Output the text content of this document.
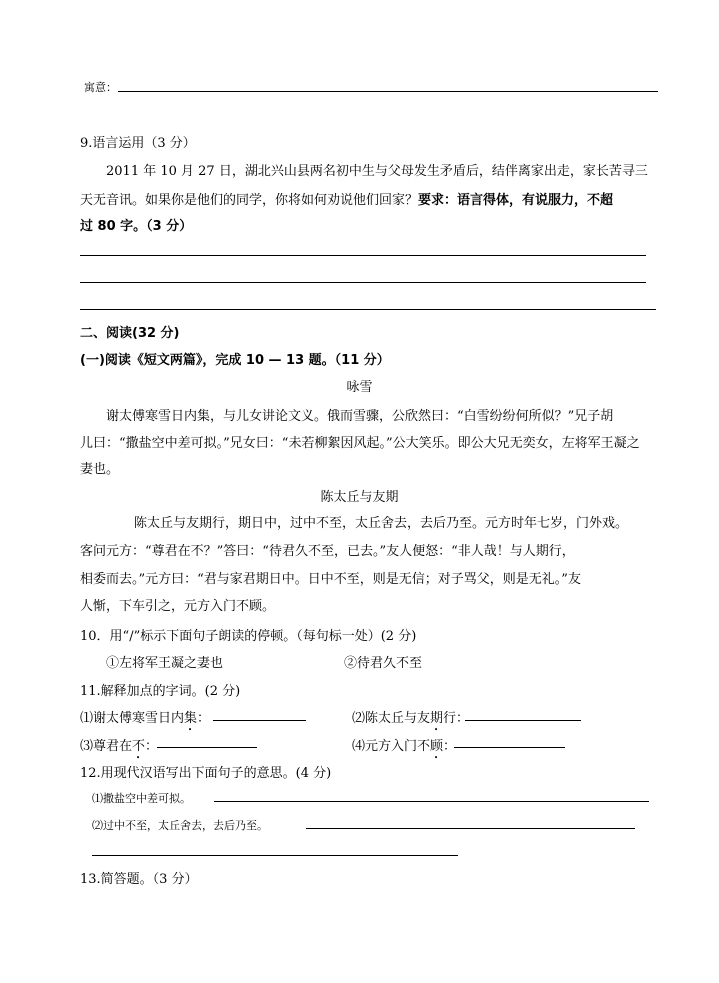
寓意：
9.语言运用（3 分）
2011 年 10 月 27 日，湖北兴山县两名初中生与父母发生矛盾后，结伴离家出走，家长苦寻三
天无音讯。如果你是他们的同学，你将如何劝说他们回家？要求：语言得体，有说服力，不超
过 80 字。（3 分）
二、阅读(32 分)
(一)阅读《短文两篇》，完成 10 — 13 题。（11 分）
咏雪
谢太傅寒雪日内集，与儿女讲论文义。俄而雪骤，公欣然曰：“白雪纷纷何所似？”兄子胡
儿曰：“撒盐空中差可拟。”兄女曰：“未若柳絮因风起。”公大笑乐。即公大兄无奕女，左将军王凝之
妻也。
陈太丘与友期
陈太丘与友期行，期日中，过中不至，太丘舍去，去后乃至。元方时年七岁，门外戏。
客问元方：“尊君在不？”答曰：“待君久不至，已去。”友人便怒：“非人哉！与人期行，
相委而去。”元方曰：“君与家君期日中。日中不至，则是无信；对子骂父，则是无礼。”友
人惭，下车引之，元方入门不顾。
10．用“/”标示下面句子朗读的停顿。（每句标一处）(2 分)
①左将军王凝之妻也	②待君久不至
11.解释加点的字词。(2 分)
⑴谢太傅寒雪日内集：	⑵陈太丘与友期行：
⑶尊君在不：	⑷元方入门不顾：
12.用现代汉语写出下面句子的意思。(4 分)
⑴撒盐空中差可拟。
⑵过中不至，太丘舍去，去后乃至。
13.简答题。（3 分）
